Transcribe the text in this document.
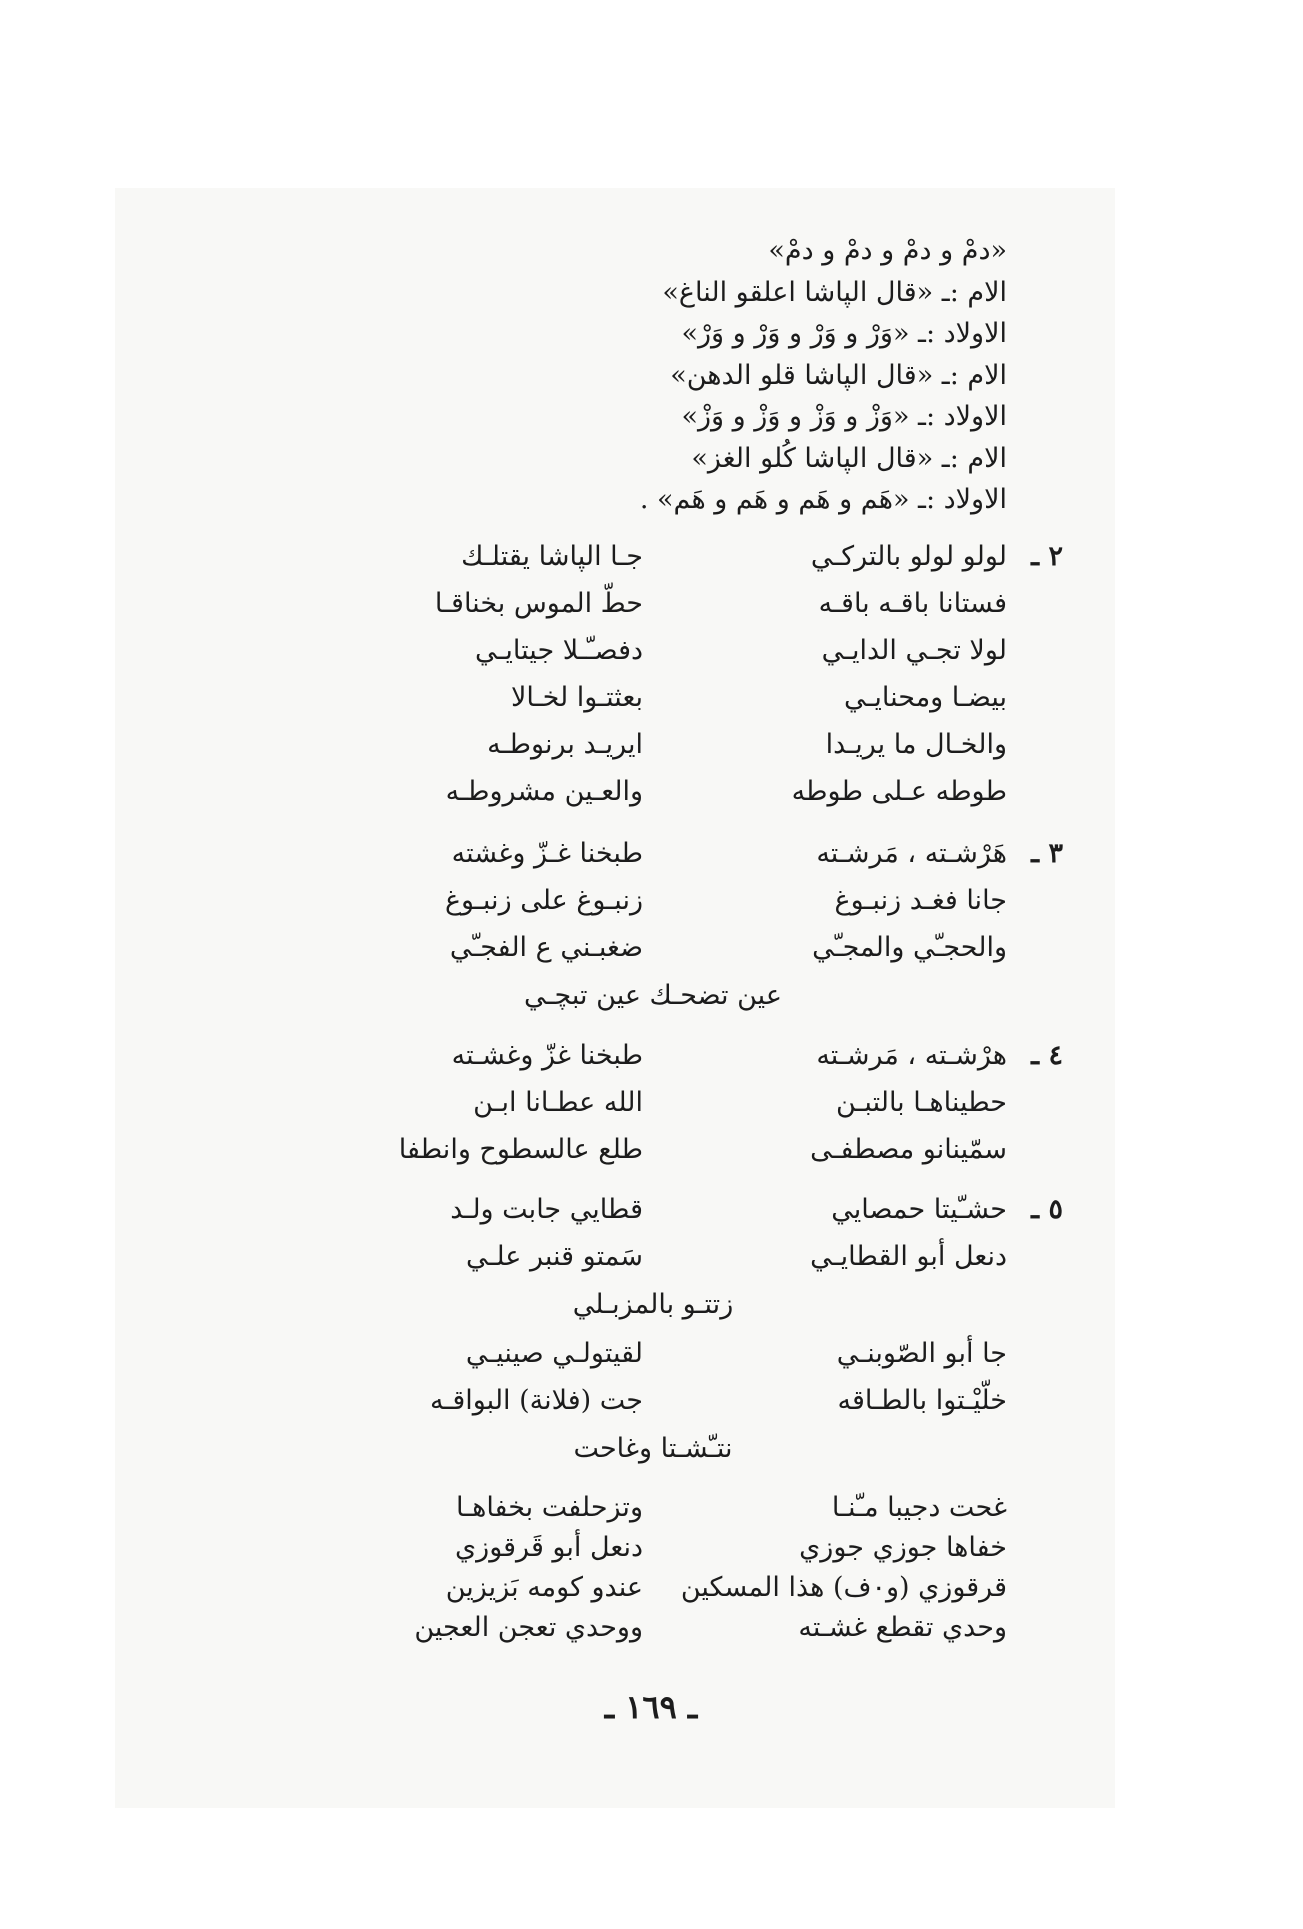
«دمْ و دمْ و دمْ و دمْ»
الام :ـ «قال الپاشا اعلقو الناغ»
الاولاد :ـ «وَرْ و وَرْ و وَرْ و وَرْ»
الام :ـ «قال الپاشا قلو الدهن»
الاولاد :ـ «وَزْ و وَزْ و وَزْ و وَزْ»
الام :ـ «قال الپاشا كُلو الغز»
الاولاد :ـ «هَم و هَم و هَم و هَم» .
٢ ـ
لولو لولو بالتركـي
جـا الپاشا يقتلـك
فستانا باقـه باقـه
حطّ الموس بخناقـا
لولا تجـي الدايـي
دفصـّـلا جيتايـي
بيضـا ومحنايـي
بعثتـوا لخـالا
والخـال ما يريـدا
ايريـد برنوطـه
طوطه عـلى طوطه
والعـين مشروطـه
٣ ـ
هَرْشـته ، مَرشـته
طبخنا غـزّ وغشته
جانا فغـد زنبـوغ
زنبـوغ على زنبـوغ
والحجـّي والمجـّي
ضغبـني ع الفجـّي
عين تضحـك عين تبچـي
٤ ـ
هرْشـته ، مَرشـته
طبخنا غزّ وغشـته
حطيناهـا بالتبـن
الله عطـانا ابـن
سمّينانو مصطفـى
طلع عالسطوح وانطفا
٥ ـ
حشـّيتا حمصايي
قطايي جابت ولـد
دنعل أبو القطايـي
سَمتو قنبر علـي
زتتـو بالمزبـلي
جا أبو الصّوبنـي
لقيتولـي صينيـي
خلّيْـتوا بالطـاقه
جت (فلانة) البواقـه
نتـّشـتا وغاحت
غحت دجيبا مـّنـا
وتزحلفت بخفاهـا
خفاها جوزي جوزي
دنعل أبو قَرقوزي
قرقوزي (و٠ف) هذا المسكين
عندو كومه بَزيزين
وحدي تقطع غشـته
ووحدي تعجن العجين
ـ ١٦٩ ـ
